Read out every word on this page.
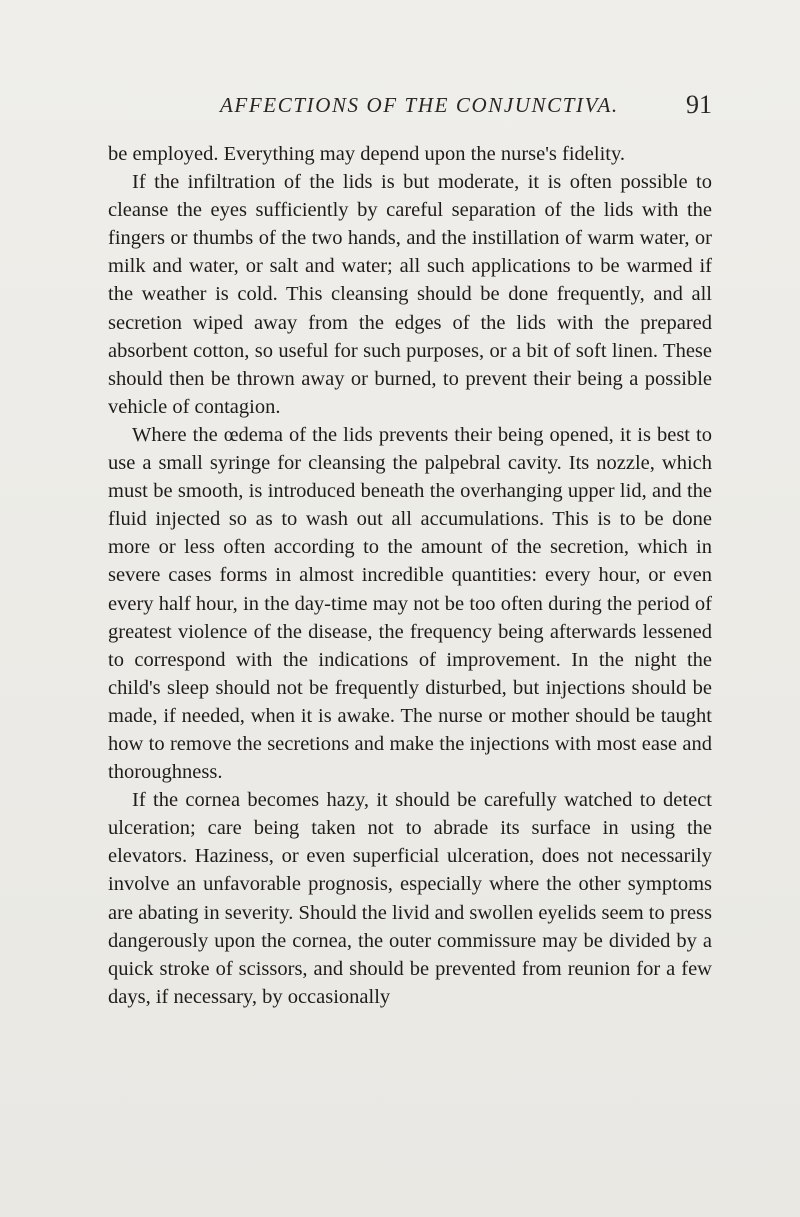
AFFECTIONS OF THE CONJUNCTIVA.	91

be employed. Everything may depend upon the nurse's fidelity.

If the infiltration of the lids is but moderate, it is often possible to cleanse the eyes sufficiently by careful separation of the lids with the fingers or thumbs of the two hands, and the instillation of warm water, or milk and water, or salt and water; all such applications to be warmed if the weather is cold. This cleansing should be done frequently, and all secretion wiped away from the edges of the lids with the prepared absorbent cotton, so useful for such purposes, or a bit of soft linen. These should then be thrown away or burned, to prevent their being a possible vehicle of contagion.

Where the œdema of the lids prevents their being opened, it is best to use a small syringe for cleansing the palpebral cavity. Its nozzle, which must be smooth, is introduced beneath the overhanging upper lid, and the fluid injected so as to wash out all accumulations. This is to be done more or less often according to the amount of the secretion, which in severe cases forms in almost incredible quantities: every hour, or even every half hour, in the day-time may not be too often during the period of greatest violence of the disease, the frequency being afterwards lessened to correspond with the indications of improvement. In the night the child's sleep should not be frequently disturbed, but injections should be made, if needed, when it is awake. The nurse or mother should be taught how to remove the secretions and make the injections with most ease and thoroughness.

If the cornea becomes hazy, it should be carefully watched to detect ulceration; care being taken not to abrade its surface in using the elevators. Haziness, or even superficial ulceration, does not necessarily involve an unfavorable prognosis, especially where the other symptoms are abating in severity. Should the livid and swollen eyelids seem to press dangerously upon the cornea, the outer commissure may be divided by a quick stroke of scissors, and should be prevented from reunion for a few days, if necessary, by occasionally
